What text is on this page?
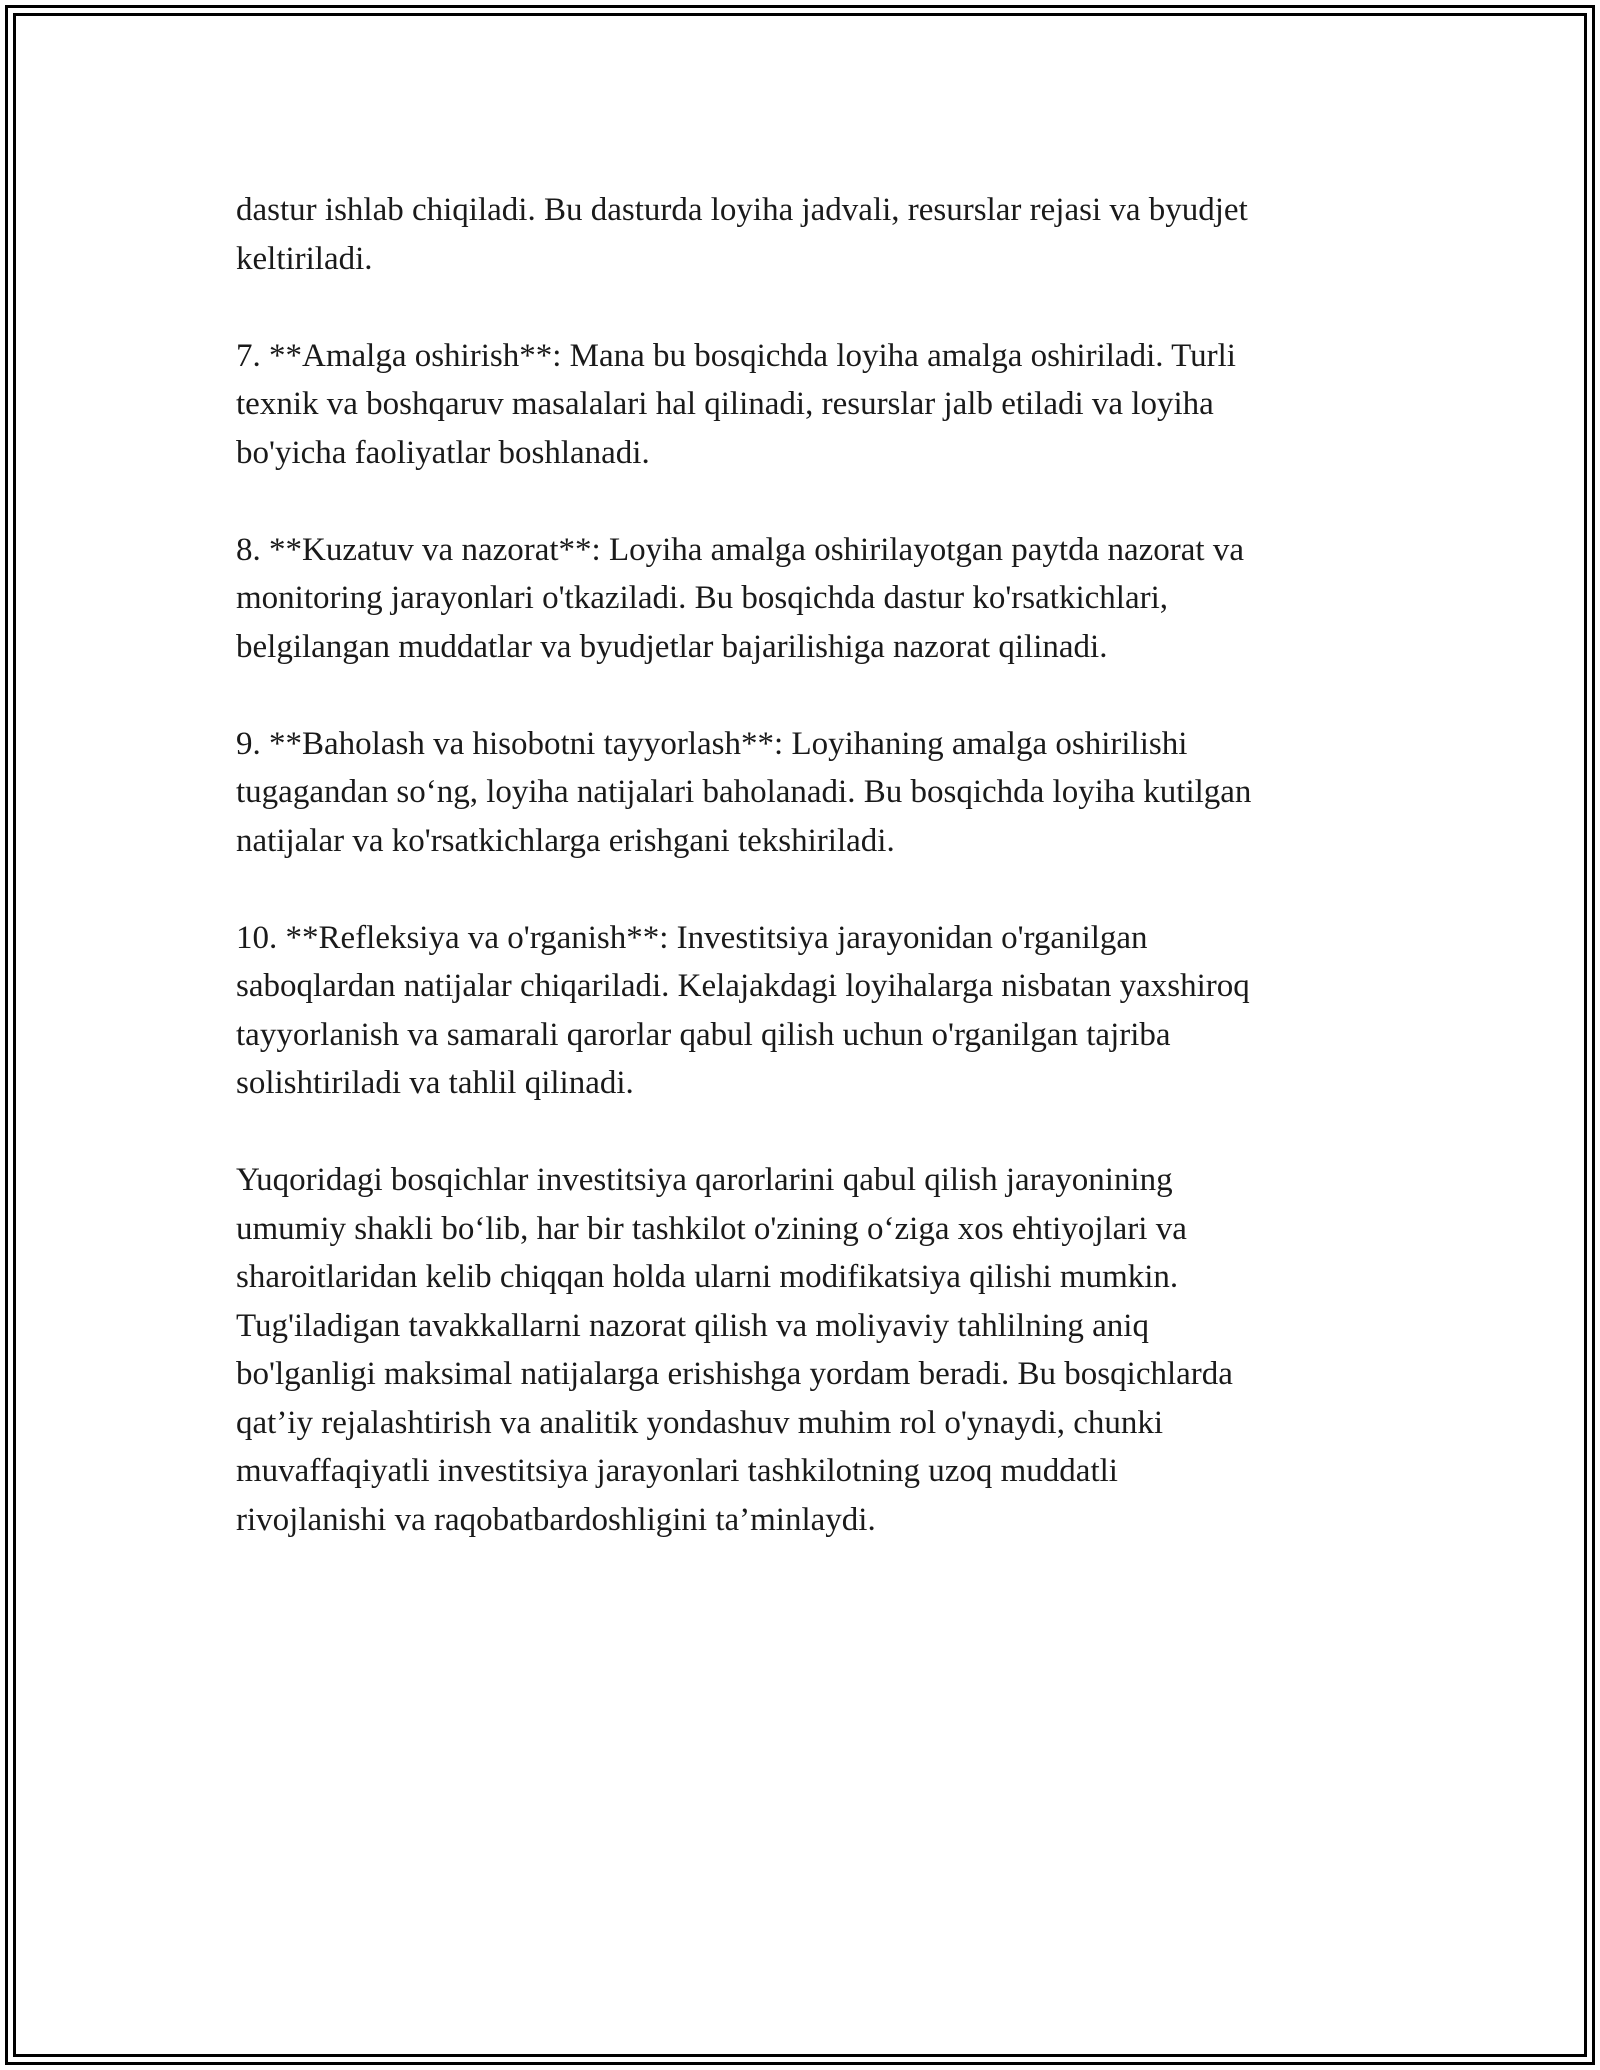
dastur ishlab chiqiladi. Bu dasturda loyiha jadvali, resurslar rejasi va byudjet
keltiriladi.

7. **Amalga oshirish**: Mana bu bosqichda loyiha amalga oshiriladi. Turli
texnik va boshqaruv masalalari hal qilinadi, resurslar jalb etiladi va loyiha
bo'yicha faoliyatlar boshlanadi.

8. **Kuzatuv va nazorat**: Loyiha amalga oshirilayotgan paytda nazorat va
monitoring jarayonlari o'tkaziladi. Bu bosqichda dastur ko'rsatkichlari,
belgilangan muddatlar va byudjetlar bajarilishiga nazorat qilinadi.

9. **Baholash va hisobotni tayyorlash**: Loyihaning amalga oshirilishi
tugagandan so‘ng, loyiha natijalari baholanadi. Bu bosqichda loyiha kutilgan
natijalar va ko'rsatkichlarga erishgani tekshiriladi.

10. **Refleksiya va o'rganish**: Investitsiya jarayonidan o'rganilgan
saboqlardan natijalar chiqariladi. Kelajakdagi loyihalarga nisbatan yaxshiroq
tayyorlanish va samarali qarorlar qabul qilish uchun o'rganilgan tajriba
solishtiriladi va tahlil qilinadi.

Yuqoridagi bosqichlar investitsiya qarorlarini qabul qilish jarayonining
umumiy shakli bo‘lib, har bir tashkilot o'zining o‘ziga xos ehtiyojlari va
sharoitlaridan kelib chiqqan holda ularni modifikatsiya qilishi mumkin.
Tug'iladigan tavakkallarni nazorat qilish va moliyaviy tahlilning aniq
bo'lganligi maksimal natijalarga erishishga yordam beradi. Bu bosqichlarda
qat’iy rejalashtirish va analitik yondashuv muhim rol o'ynaydi, chunki
muvaffaqiyatli investitsiya jarayonlari tashkilotning uzoq muddatli
rivojlanishi va raqobatbardoshligini ta’minlaydi.
